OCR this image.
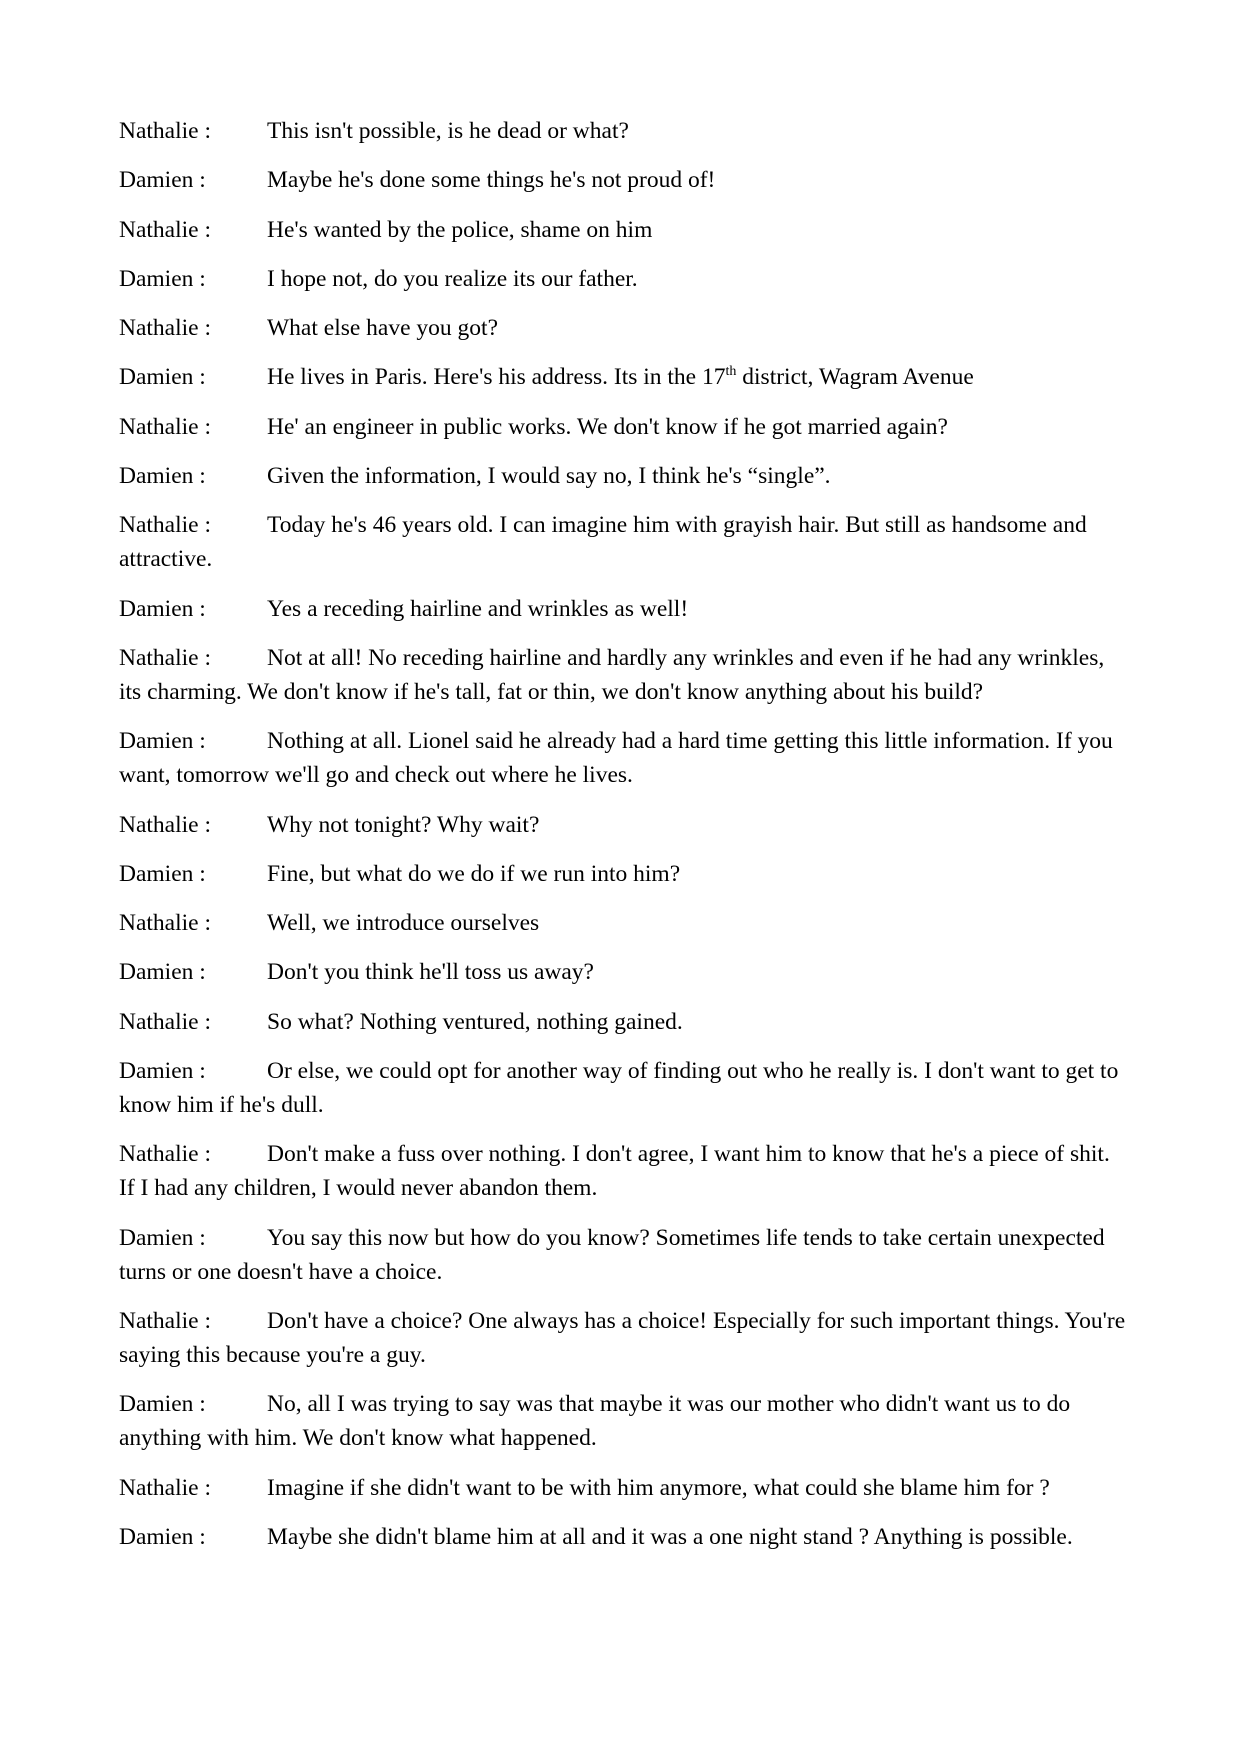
Nathalie : This isn't possible, is he dead or what?

Damien :	Maybe he's done some things he's not proud of!

Nathalie : He's wanted by the police, shame on him

Damien :	I hope not, do you realize its our father.

Nathalie : What else have you got?

Damien :	He lives in Paris. Here's his address. Its in the 17th district, Wagram Avenue

Nathalie : He' an engineer in public works. We don't know if he got married again?

Damien :	Given the information, I would say no, I think he's “single”.

Nathalie : Today he's 46 years old. I can imagine him with grayish hair. But still as handsome and attractive.

Damien :	Yes a receding hairline and wrinkles as well!

Nathalie : Not at all! No receding hairline and hardly any wrinkles and even if he had any wrinkles, its charming. We don't know if he's tall, fat or thin, we don't know anything about his build?

Damien :	Nothing at all. Lionel said he already had a hard time getting this little information. If you want, tomorrow we'll go and check out where he lives.

Nathalie : Why not tonight? Why wait?

Damien :	Fine, but what do we do if we run into him?

Nathalie : Well, we introduce ourselves

Damien :	Don't you think he'll toss us away?

Nathalie : So what? Nothing ventured, nothing gained.

Damien :	Or else, we could opt for another way of finding out who he really is. I don't want to get to know him if he's dull.

Nathalie : Don't make a fuss over nothing. I don't agree, I want him to know that he's a piece of shit. If I had any children, I would never abandon them.

Damien :	You say this now but how do you know? Sometimes life tends to take certain unexpected turns or one doesn't have a choice.

Nathalie : Don't have a choice? One always has a choice! Especially for such important things. You're saying this because you're a guy.

Damien :	No, all I was trying to say was that maybe it was our mother who didn't want us to do anything with him. We don't know what happened.

Nathalie : Imagine if she didn't want to be with him anymore, what could she blame him for ?

Damien :	Maybe she didn't blame him at all and it was a one night stand ? Anything is possible.
